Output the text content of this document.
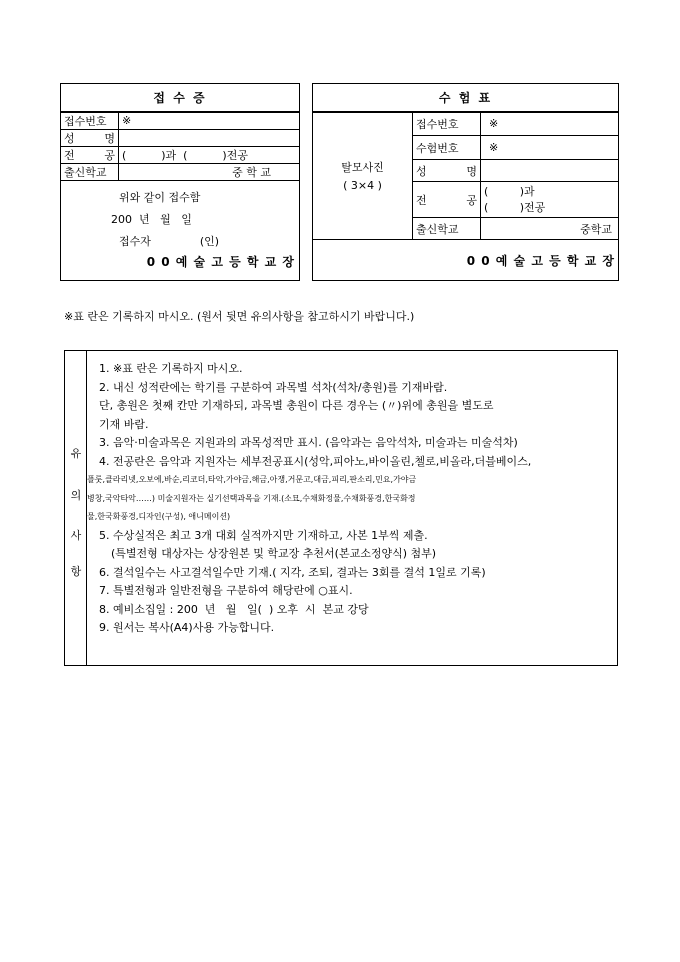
접 수 증	
접수번호	※
성 명	
전 공	(          )과  (          )전공
출신학교	중 학 교

위와 같이 접수함
200  년   월   일
접수자              (인)
0 0 예 술 고 등 학 교 장	
수 험 표		

탈모사진
( 3×4 )	접수번호	※
	수험번호	※
	성 명	
	전 공	(         )과
(         )전공

	출신학교	중학교
0 0 예 술 고 등 학 교 장		
※표 란은 기록하지 마시오. (원서 뒷면 유의사항을 참고하시기 바랍니다.)
유
의
사
항
1. ※표 란은 기록하지 마시오.
2. 내신 성적란에는 학기를 구분하여 과목별 석차(석차/총원)를 기재바람.
단, 총원은 첫째 칸만 기재하되, 과목별 총원이 다른 경우는 (〃)위에 총원을 별도로
기재 바람.
3. 음악·미술과목은 지원과의 과목성적만 표시. (음악과는 음악석차, 미술과는 미술석차)
4. 전공란은 음악과 지원자는 세부전공표시(성악,피아노,바이올린,첼로,비올라,더블베이스,
플룻,클라리넷,오보에,바순,리코더,타악,가야금,해금,아쟁,거문고,대금,피리,판소리,민요,가야금
병창,국악타악……) 미술지원자는 실기선택과목을 기재.(소묘,수채화정물,수채화풍경,한국화정
물,한국화풍경,디자인(구성), 애니메이션)
5. 수상실적은 최고 3개 대회 실적까지만 기재하고, 사본 1부씩 제출.
(특별전형 대상자는 상장원본 및 학교장 추천서(본교소정양식) 첨부)
6. 결석일수는 사고결석일수만 기재.( 지각, 조퇴, 결과는 3회를 결석 1일로 기록)
7. 특별전형과 일반전형을 구분하여 해당란에 ○표시.
8. 예비소집일 : 200  년   월   일(  ) 오후  시  본교 강당
9. 원서는 복사(A4)사용 가능합니다.
